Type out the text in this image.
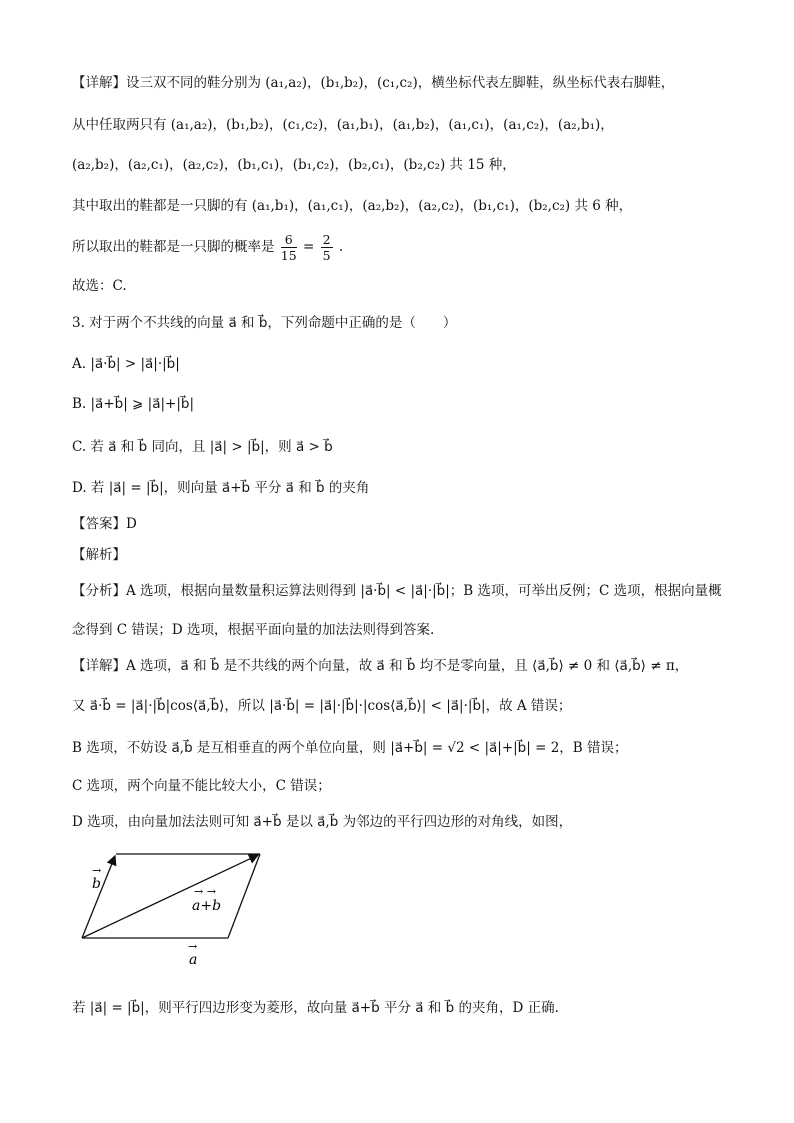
【详解】设三双不同的鞋分别为 (a₁,a₂)，(b₁,b₂)，(c₁,c₂)，横坐标代表左脚鞋，纵坐标代表右脚鞋，
从中任取两只有 (a₁,a₂)，(b₁,b₂)，(c₁,c₂)，(a₁,b₁)，(a₁,b₂)，(a₁,c₁)，(a₁,c₂)，(a₂,b₁)，
(a₂,b₂)，(a₂,c₁)，(a₂,c₂)，(b₁,c₁)，(b₁,c₂)，(b₂,c₁)，(b₂,c₂) 共 15 种，
其中取出的鞋都是一只脚的有 (a₁,b₁)，(a₁,c₁)，(a₂,b₂)，(a₂,c₂)，(b₁,c₁)，(b₂,c₂) 共 6 种，
所以取出的鞋都是一只脚的概率是 $\frac{6}{15} = \frac{2}{5}$ .
故选：C.
3. 对于两个不共线的向量 a⃗ 和 b⃗，下列命题中正确的是（　　）
A. |a⃗·b⃗| > |a⃗|·|b⃗|
B. |a⃗+b⃗| ⩾ |a⃗|+|b⃗|
C. 若 a⃗ 和 b⃗ 同向，且 |a⃗| > |b⃗|，则 a⃗ > b⃗
D. 若 |a⃗| = |b⃗|，则向量 a⃗+b⃗ 平分 a⃗ 和 b⃗ 的夹角
【答案】D
【解析】
【分析】A 选项，根据向量数量积运算法则得到 |a⃗·b⃗| < |a⃗|·|b⃗|；B 选项，可举出反例；C 选项，根据向量概
念得到 C 错误；D 选项，根据平面向量的加法法则得到答案.
【详解】A 选项，a⃗ 和 b⃗ 是不共线的两个向量，故 a⃗ 和 b⃗ 均不是零向量，且 ⟨a⃗,b⃗⟩ ≠ 0 和 ⟨a⃗,b⃗⟩ ≠ π，
又 a⃗·b⃗ = |a⃗|·|b⃗|cos⟨a⃗,b⃗⟩，所以 |a⃗·b⃗| = |a⃗|·|b⃗|·|cos⟨a⃗,b⃗⟩| < |a⃗|·|b⃗|，故 A 错误；
B 选项，不妨设 a⃗,b⃗ 是互相垂直的两个单位向量，则 |a⃗+b⃗| = √2 < |a⃗|+|b⃗| = 2，B 错误；
C 选项，两个向量不能比较大小，C 错误；
D 选项，由向量加法法则可知 a⃗+b⃗ 是以 a⃗,b⃗ 为邻边的平行四边形的对角线，如图，
→
b	→ →
a+b
→
a
若 |a⃗| = |b⃗|，则平行四边形变为菱形，故向量 a⃗+b⃗ 平分 a⃗ 和 b⃗ 的夹角，D 正确.
